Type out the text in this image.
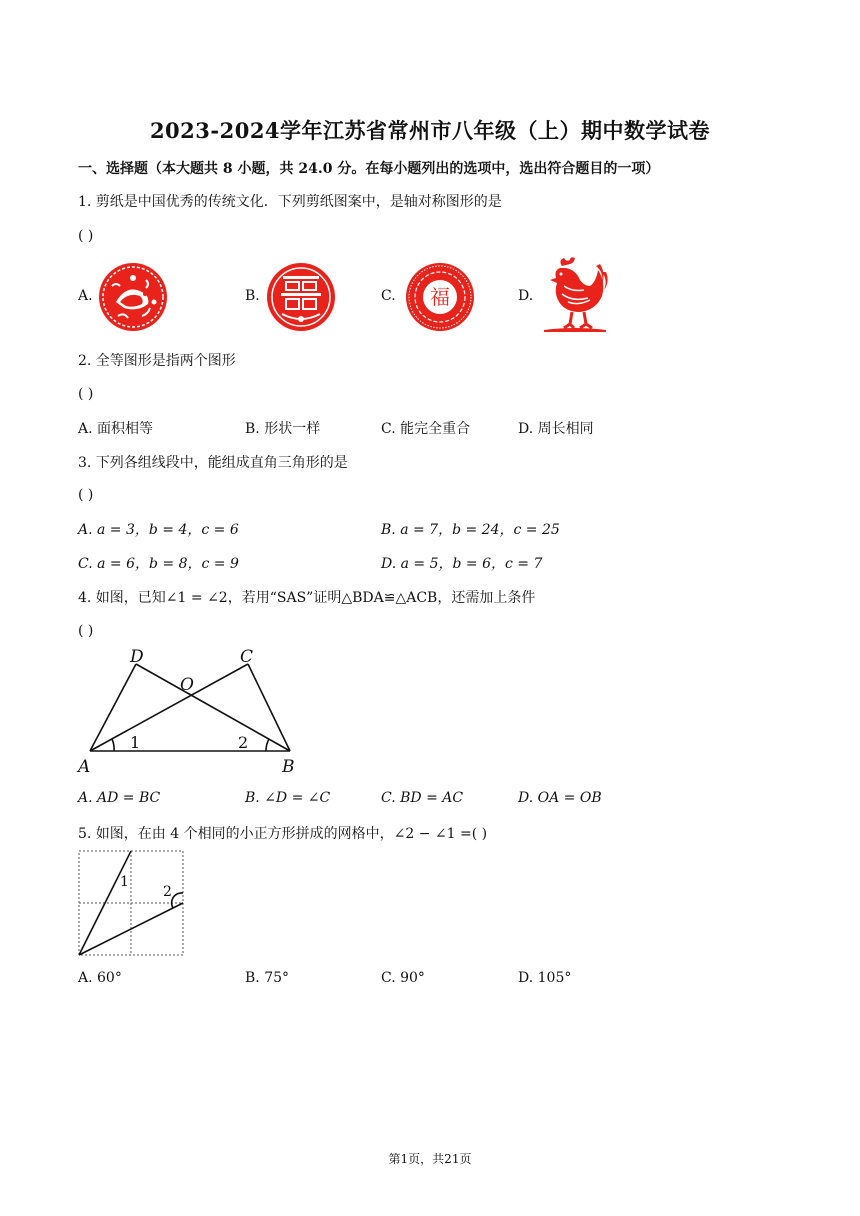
2023-2024学年江苏省常州市八年级（上）期中数学试卷
一、选择题（本大题共 8 小题，共 24.0 分。在每小题列出的选项中，选出符合题目的一项）
1. 剪纸是中国优秀的传统文化．下列剪纸图案中，是轴对称图形的是
( )
A.	B.	C. 福	D.
2. 全等图形是指两个图形
( )
A. 面积相等	B. 形状一样	C. 能完全重合	D. 周长相同
3. 下列各组线段中，能组成直角三角形的是
( )
A. a = 3，b = 4，c = 6	B. a = 7，b = 24，c = 25
C. a = 6，b = 8，c = 9	D. a = 5，b = 6，c = 7
4. 如图，已知∠1 = ∠2，若用“SAS”证明△BDA≌△ACB，还需加上条件
( )
D	C
O
A	B
1	2
A. AD = BC	B. ∠D = ∠C	C. BD = AC	D. OA = OB
5. 如图，在由 4 个相同的小正方形拼成的网格中，∠2 − ∠1 =( )
1
2
A. 60°	B. 75°	C. 90°	D. 105°
第1页，共21页
